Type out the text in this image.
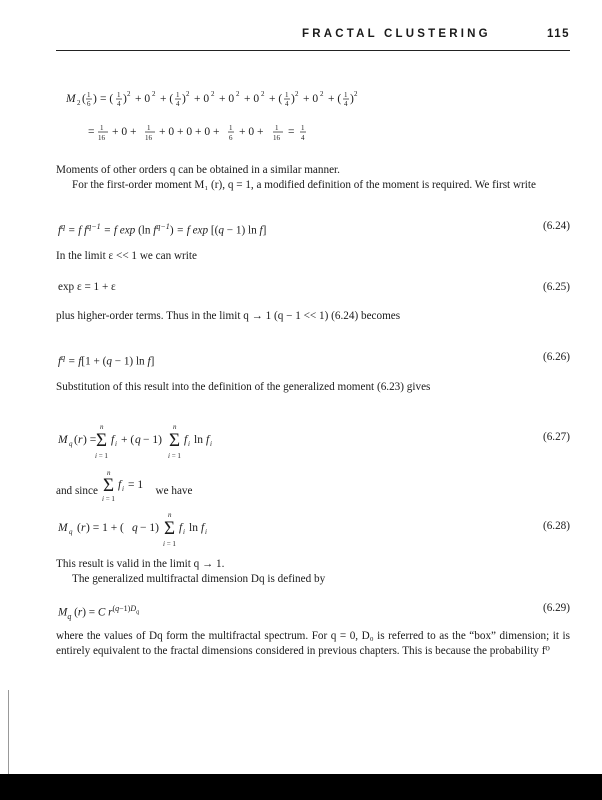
FRACTAL CLUSTERING	115
M 2 ( 1
6 ) = ( 1
4 ) 2 + 0 2 + ( 1
4 ) 2 + 0 2 + 0 2 + 0 2 + ( 1
4 ) 2 + 0 2 + ( 1
4 ) 2
= 1
16 + 0 + 1
16 + 0 + 0 + 0 + 1
6 + 0 + 1
16 = 1
4
Moments of other orders q can be obtained in a similar manner.
For the first-order moment M₁ (r), q = 1, a modified definition of the moment is required. We first write
$f^q = f$ $f^{q-1} = f$ exp (ln $f^{q-1}) = f$ exp [(q − 1) ln f]	(6.24)
In the limit ε << 1 we can write
exp ε = 1 + ε	(6.25)
plus higher-order terms. Thus in the limit q → 1 (q − 1 << 1) (6.24) becomes
$f^q = f[1 + (q - 1)$ ln f]	(6.26)
Substitution of this result into the definition of the generalized moment (6.23) gives
M q ( r ) =
n
Σ
i = 1
f i + ( q − 1)
n
Σ
i = 1
f i ln f i
(6.27)
and since
n
Σ
i = 1
f i = 1 we have
M q ( r ) = 1 + ( q − 1)
n
Σ
i = 1
f i ln f i	(6.28)
This result is valid in the limit q → 1.
The generalized multifractal dimension Dq is defined by
$M_q$ (r) = C $r^{(q-1)D_q}$	(6.29)
where the values of Dq form the multifractal spectrum. For q = 0, D₀ is referred to as the “box” dimension; it is entirely equivalent to the fractal dimensions considered in previous chapters. This is because the probability f⁰
